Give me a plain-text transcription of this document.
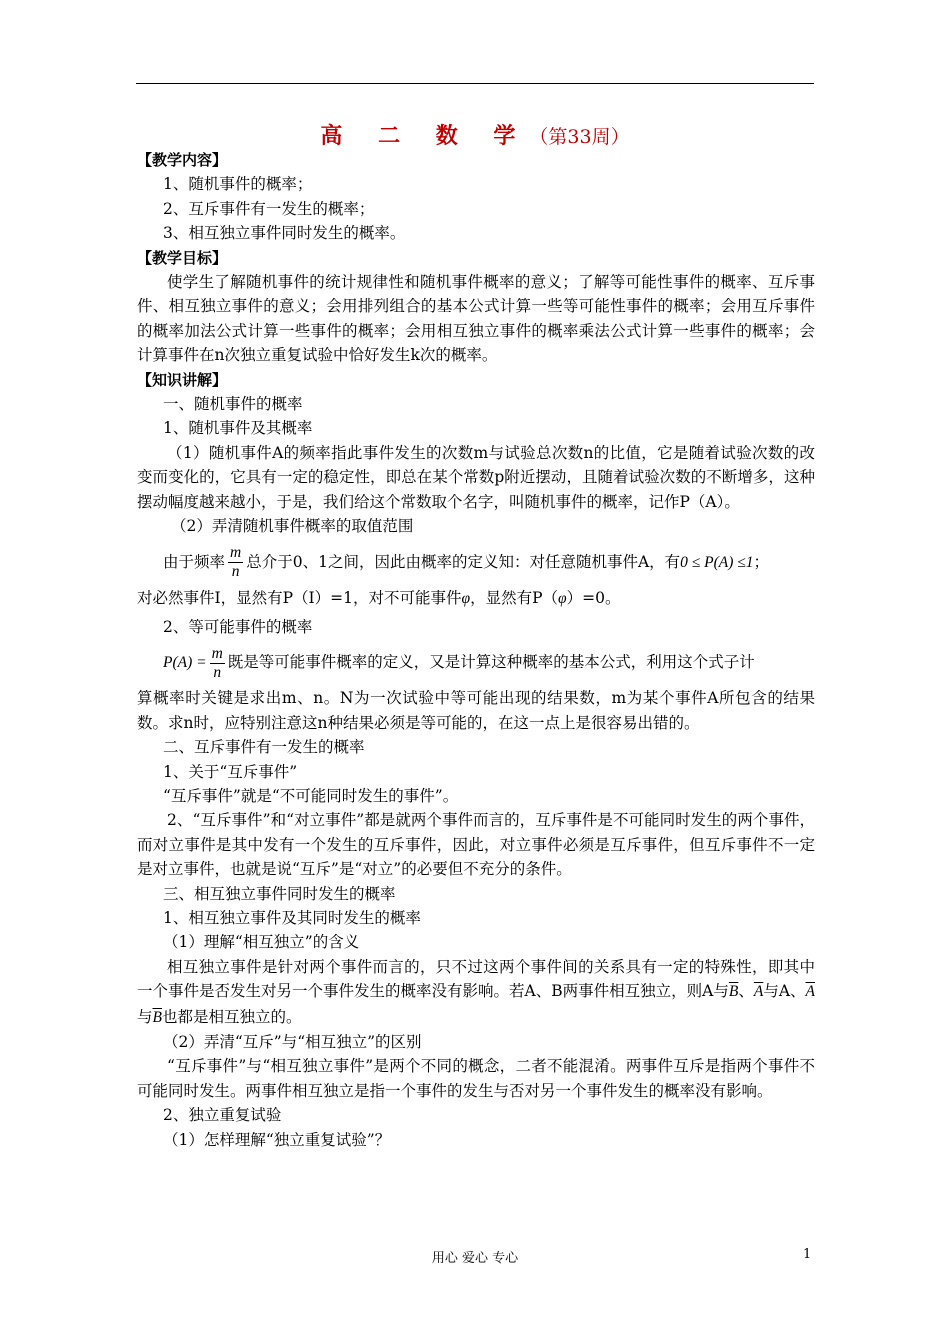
高 二 数 学（第33周）
【教学内容】
1、随机事件的概率；
2、互斥事件有一发生的概率；
3、相互独立事件同时发生的概率。
【教学目标】
使学生了解随机事件的统计规律性和随机事件概率的意义；了解等可能性事件的概率、互斥事件、相互独立事件的意义；会用排列组合的基本公式计算一些等可能性事件的概率；会用互斥事件的概率加法公式计算一些事件的概率；会用相互独立事件的概率乘法公式计算一些事件的概率；会计算事件在n次独立重复试验中恰好发生k次的概率。
【知识讲解】
一、随机事件的概率
1、随机事件及其概率
（1）随机事件A的频率指此事件发生的次数m与试验总次数n的比值，它是随着试验次数的改变而变化的，它具有一定的稳定性，即总在某个常数p附近摆动，且随着试验次数的不断增多，这种摆动幅度越来越小，于是，我们给这个常数取个名字，叫随机事件的概率，记作P（A）。
（2）弄清随机事件概率的取值范围
由于频率 $\frac{m}{n}$ 总介于0、1之间，因此由概率的定义知：对任意随机事件A，有0 ≤ P(A) ≤1；
对必然事件I，显然有P（I）=1，对不可能事件φ，显然有P（φ）=0。
2、等可能事件的概率
$P(A) = \frac{m}{n}$ 既是等可能事件概率的定义，又是计算这种概率的基本公式，利用这个式子计
算概率时关键是求出m、n。N为一次试验中等可能出现的结果数，m为某个事件A所包含的结果数。求n时，应特别注意这n种结果必须是等可能的，在这一点上是很容易出错的。
二、互斥事件有一发生的概率
1、关于“互斥事件”
“互斥事件”就是“不可能同时发生的事件”。
2、“互斥事件”和“对立事件”都是就两个事件而言的，互斥事件是不可能同时发生的两个事件，而对立事件是其中发有一个发生的互斥事件，因此，对立事件必须是互斥事件，但互斥事件不一定是对立事件，也就是说“互斥”是“对立”的必要但不充分的条件。
三、相互独立事件同时发生的概率
1、相互独立事件及其同时发生的概率
（1）理解“相互独立”的含义
相互独立事件是针对两个事件而言的，只不过这两个事件间的关系具有一定的特殊性，即其中一个事件是否发生对另一个事件发生的概率没有影响。若A、B两事件相互独立，则A与$\overline{B}$、$\overline{A}$与A、$\overline{A}$与$\overline{B}$也都是相互独立的。
（2）弄清“互斥”与“相互独立”的区别
“互斥事件”与“相互独立事件”是两个不同的概念，二者不能混淆。两事件互斥是指两个事件不可能同时发生。两事件相互独立是指一个事件的发生与否对另一个事件发生的概率没有影响。
2、独立重复试验
（1）怎样理解“独立重复试验”？
用心 爱心 专心	1
